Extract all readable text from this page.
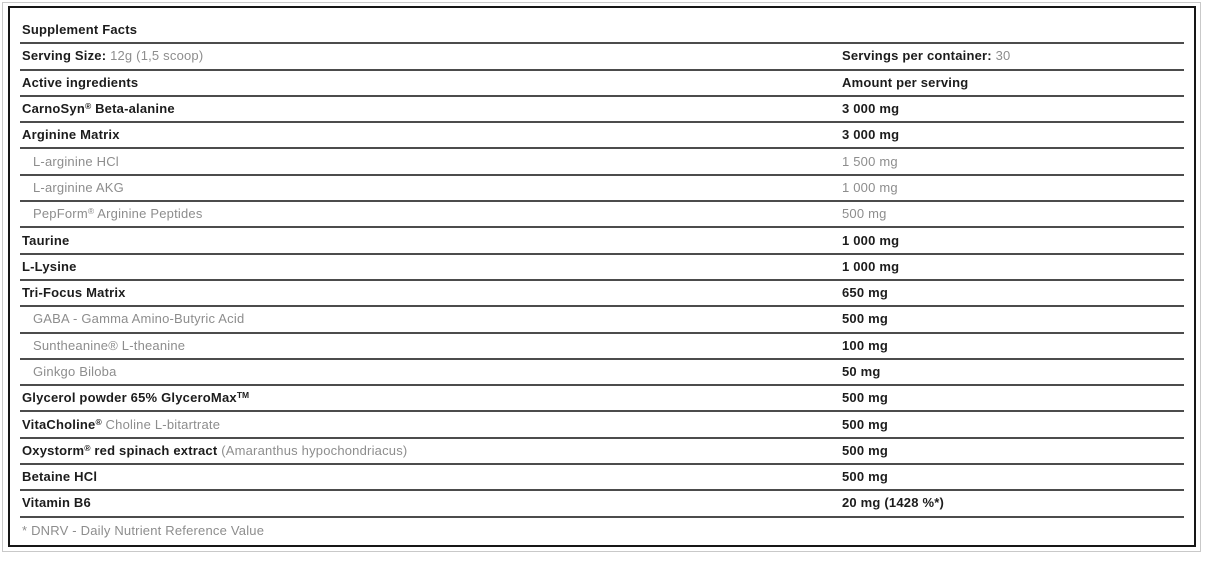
Supplement Facts
Serving Size: 12g (1,5 scoop)	Servings per container: 30
Active ingredients	Amount per serving
CarnoSyn® Beta-alanine	3 000 mg
Arginine Matrix	3 000 mg
L-arginine HCl	1 500 mg
L-arginine AKG	1 000 mg
PepForm® Arginine Peptides	500 mg
Taurine	1 000 mg
L-Lysine	1 000 mg
Tri-Focus Matrix	650 mg
GABA - Gamma Amino-Butyric Acid	500 mg
Suntheanine® L-theanine	100 mg
Ginkgo Biloba	50 mg
Glycerol powder 65% GlyceroMax™	500 mg
VitaCholine® Choline L-bitartrate	500 mg
Oxystorm® red spinach extract (Amaranthus hypochondriacus)	500 mg
Betaine HCl	500 mg
Vitamin B6	20 mg (1428 %*)
* DNRV - Daily Nutrient Reference Value
